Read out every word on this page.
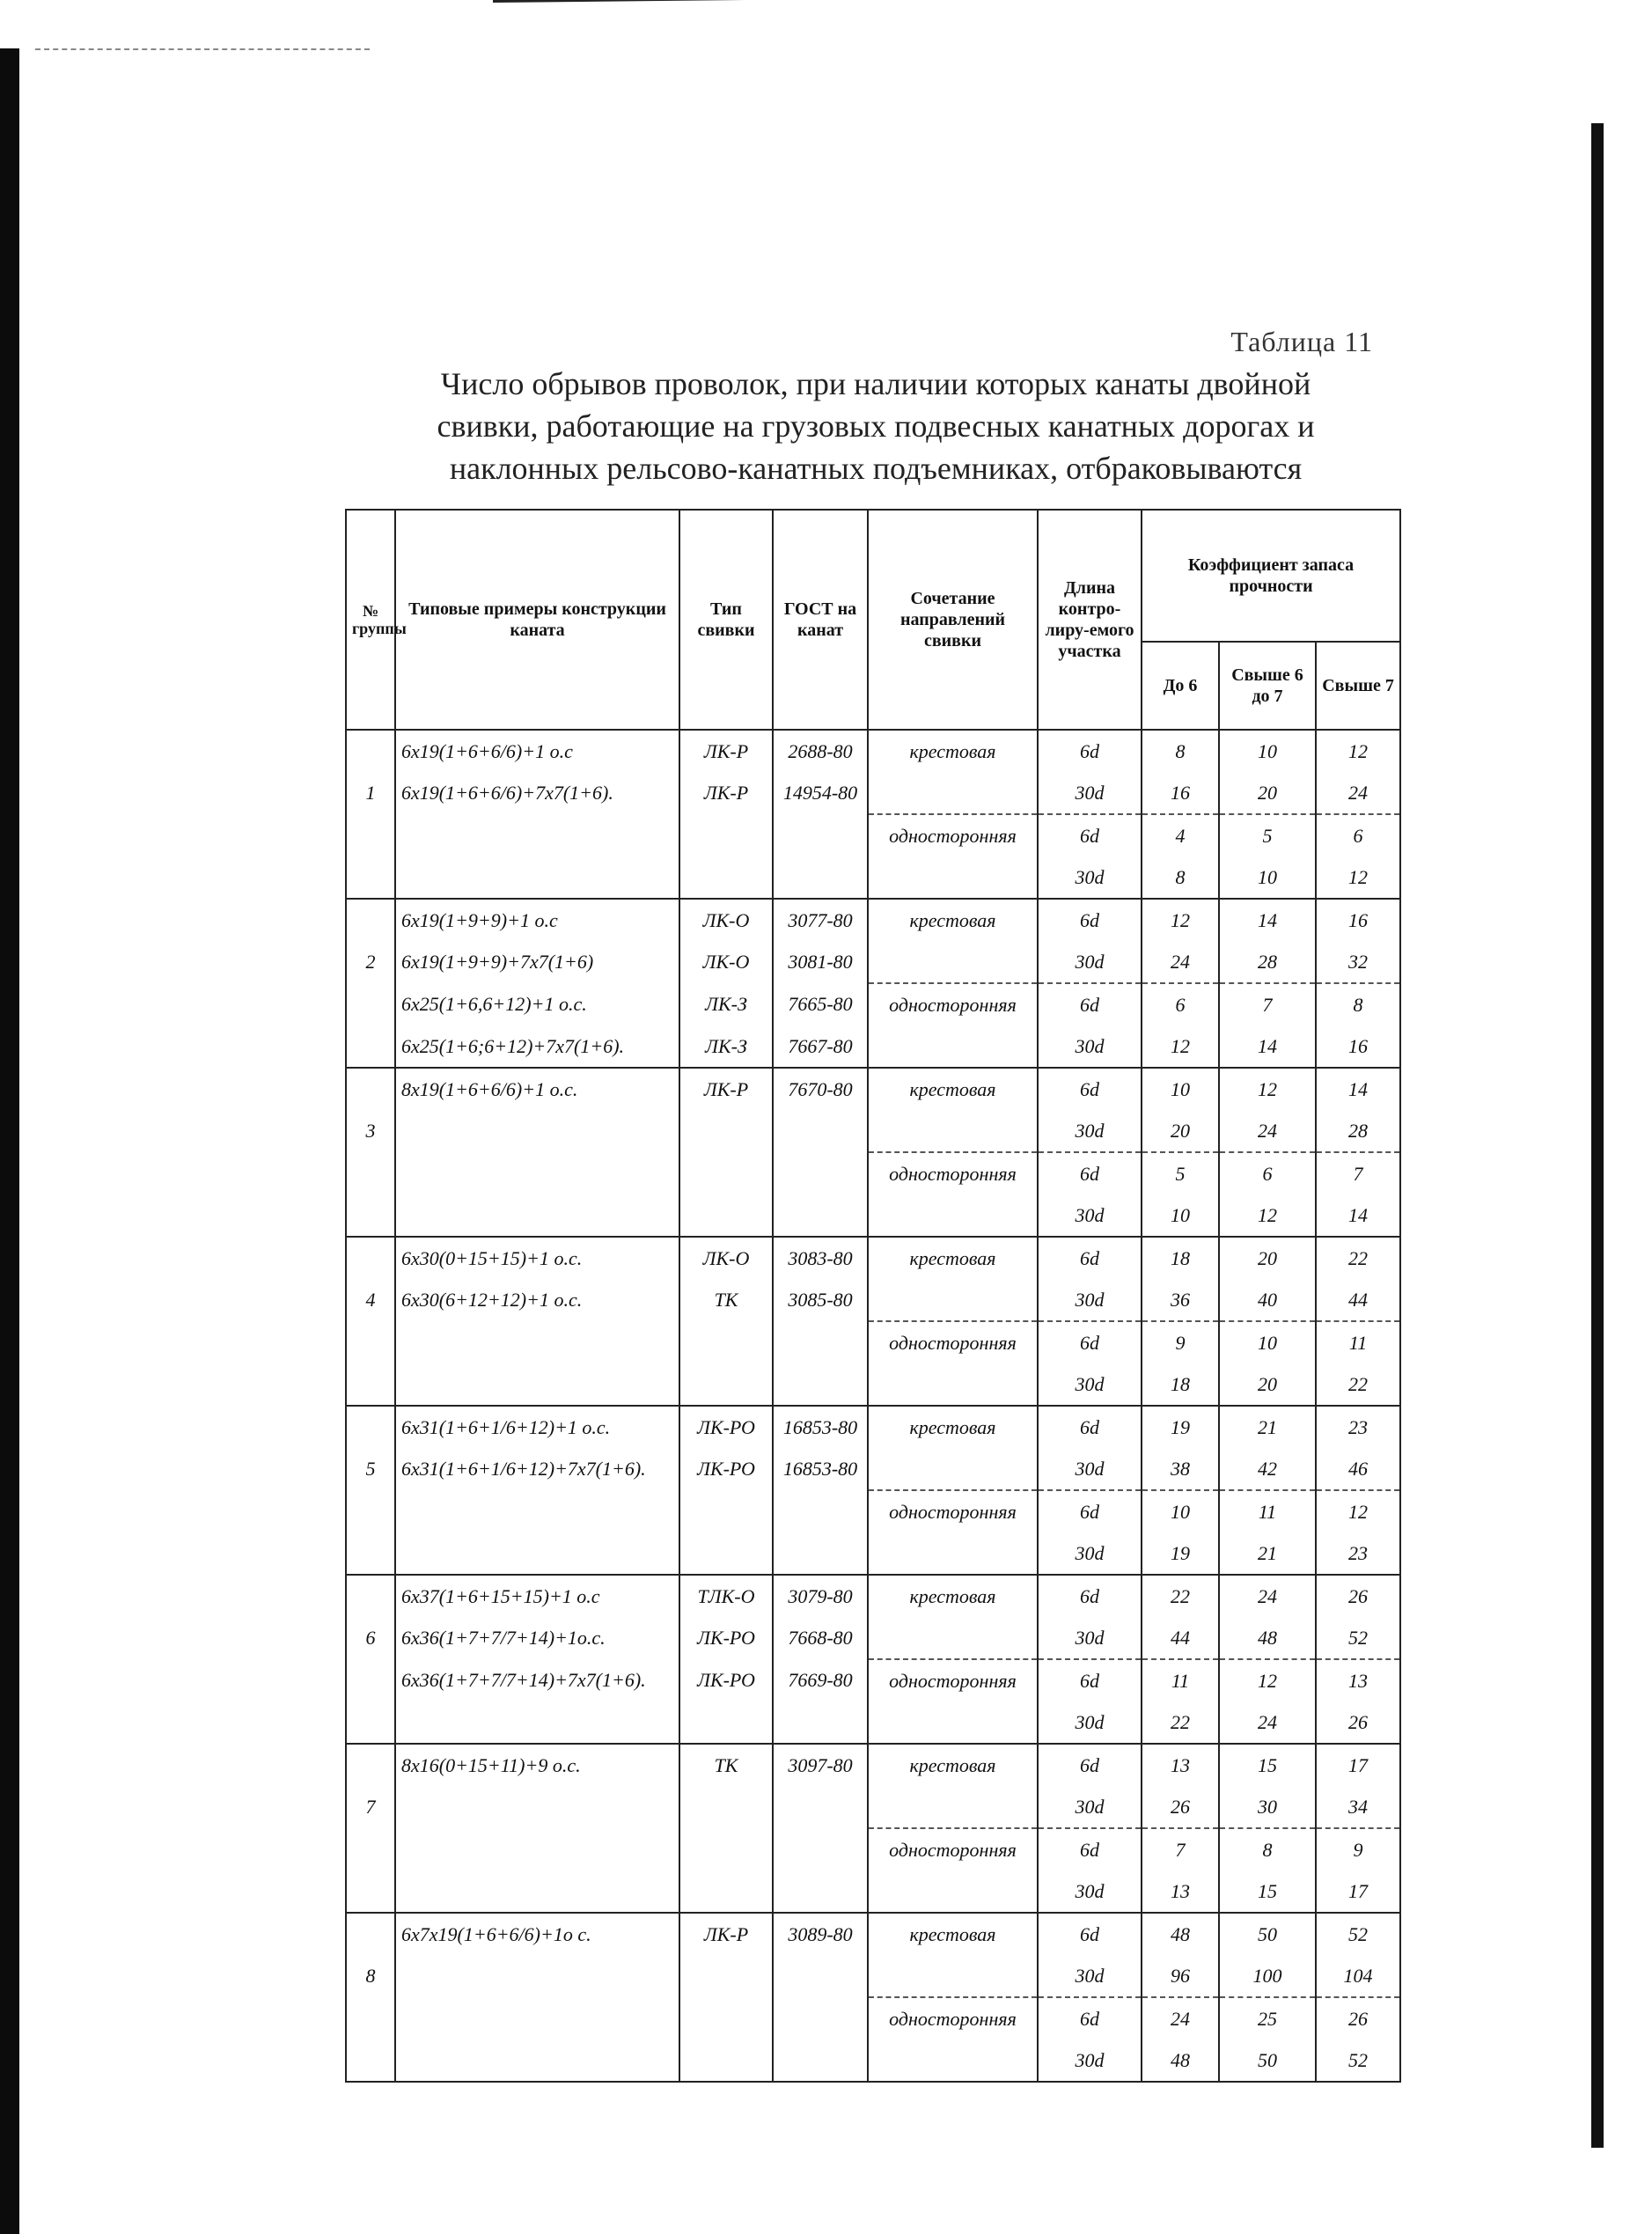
Таблица 11
Число обрывов проволок, при наличии которых канаты двойной
свивки, работающие на грузовых подвесных канатных дорогах и
наклонных рельсово-канатных подъемниках, отбраковываются
№ группы	Типовые примеры конструкции каната	Тип свивки	ГОСТ на канат	Сочетание направлений свивки	Длина контро-лиру-емого участка	Коэффициент запаса прочности		
						До 6	Свыше 6 до 7	Свыше 7
	6x19(1+6+6/6)+1 о.с	ЛК-Р	2688-80	крестовая	6d	8	10	12
1	6x19(1+6+6/6)+7x7(1+6).	ЛК-Р	14954-80		30d	16	20	24
				односторонняя	6d	4	5	6
					30d	8	10	12
	6x19(1+9+9)+1 о.с	ЛК-О	3077-80	крестовая	6d	12	14	16
2	6x19(1+9+9)+7x7(1+6)	ЛК-О	3081-80		30d	24	28	32
	6x25(1+6,6+12)+1 о.с.	ЛК-З	7665-80	односторонняя	6d	6	7	8
	6x25(1+6;6+12)+7x7(1+6).	ЛК-З	7667-80		30d	12	14	16
	8x19(1+6+6/6)+1 о.с.	ЛК-Р	7670-80	крестовая	6d	10	12	14
3					30d	20	24	28
				односторонняя	6d	5	6	7
					30d	10	12	14
	6x30(0+15+15)+1 о.с.	ЛК-О	3083-80	крестовая	6d	18	20	22
4	6x30(6+12+12)+1 о.с.	ТК	3085-80		30d	36	40	44
				односторонняя	6d	9	10	11
					30d	18	20	22
	6x31(1+6+1/6+12)+1 о.с.	ЛК-РО	16853-80	крестовая	6d	19	21	23
5	6x31(1+6+1/6+12)+7x7(1+6).	ЛК-РО	16853-80		30d	38	42	46
				односторонняя	6d	10	11	12
					30d	19	21	23
	6x37(1+6+15+15)+1 о.с	ТЛК-О	3079-80	крестовая	6d	22	24	26
6	6x36(1+7+7/7+14)+1о.с.	ЛК-РО	7668-80		30d	44	48	52
	6x36(1+7+7/7+14)+7x7(1+6).	ЛК-РО	7669-80	односторонняя	6d	11	12	13
					30d	22	24	26
	8x16(0+15+11)+9 о.с.	ТК	3097-80	крестовая	6d	13	15	17
7					30d	26	30	34
				односторонняя	6d	7	8	9
					30d	13	15	17
	6x7x19(1+6+6/6)+1о с.	ЛК-Р	3089-80	крестовая	6d	48	50	52
8					30d	96	100	104
				односторонняя	6d	24	25	26
					30d	48	50	52
